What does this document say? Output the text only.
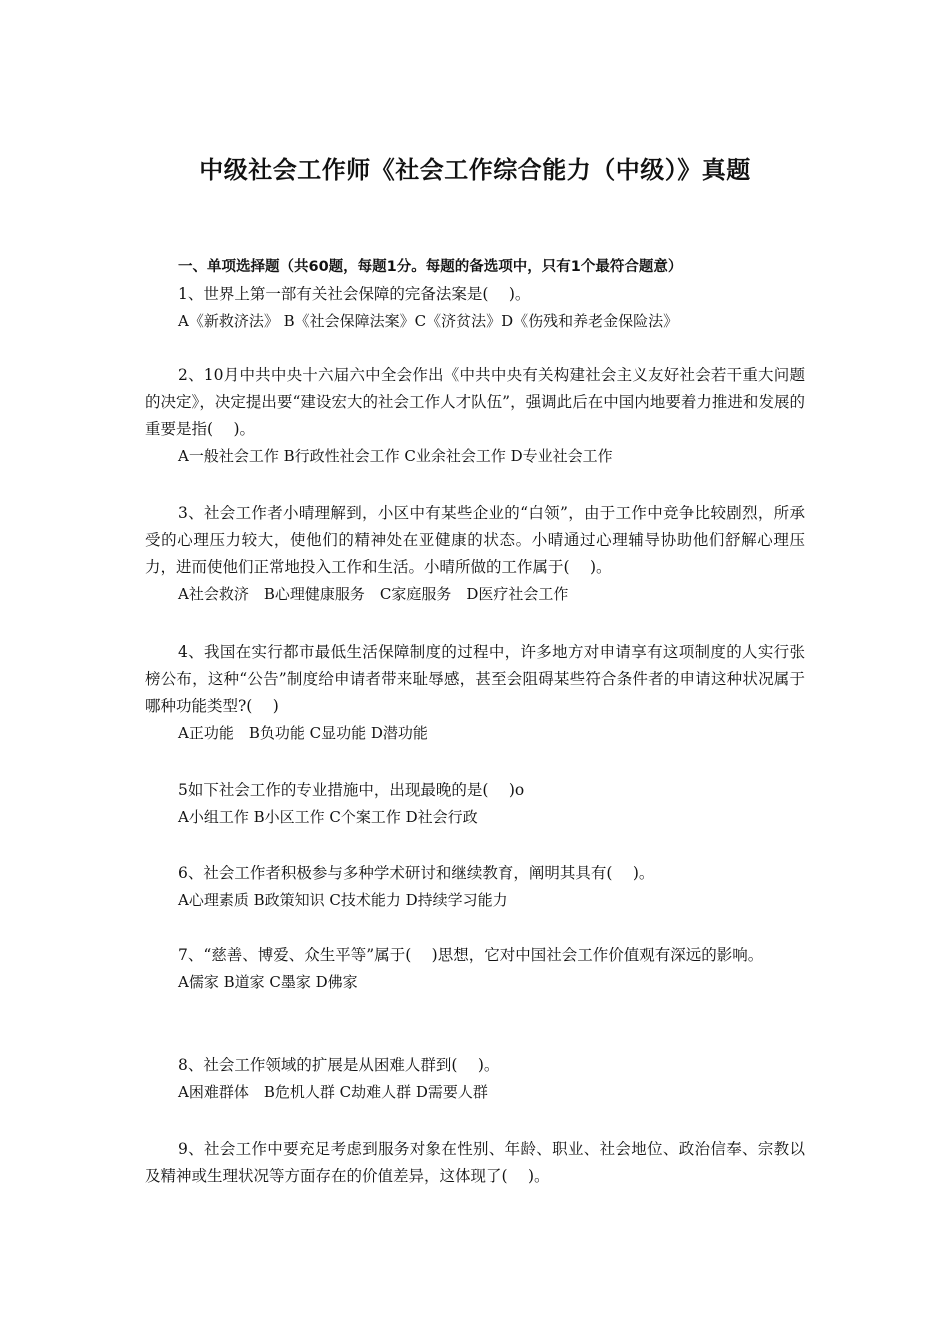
中级社会工作师《社会工作综合能力（中级）》真题

一、单项选择题（共60题，每题1分。每题的备选项中，只有1个最符合题意）

1、世界上第一部有关社会保障的完备法案是(　 )。

A《新救济法》 B《社会保障法案》C《济贫法》D《伤残和养老金保险法》

2、10月中共中央十六届六中全会作出《中共中央有关构建社会主义友好社会若干重大问题的决定》，决定提出要“建设宏大的社会工作人才队伍”，强调此后在中国内地要着力推进和发展的重要是指(　 )。

A一般社会工作 B行政性社会工作 C业余社会工作 D专业社会工作

3、社会工作者小晴理解到，小区中有某些企业的“白领”，由于工作中竞争比较剧烈，所承受的心理压力较大，使他们的精神处在亚健康的状态。小晴通过心理辅导协助他们舒解心理压力，进而使他们正常地投入工作和生活。小晴所做的工作属于(　 )。

A社会救济　B心理健康服务　C家庭服务　D医疗社会工作

4、我国在实行都市最低生活保障制度的过程中，许多地方对申请享有这项制度的人实行张榜公布，这种“公告”制度给申请者带来耻辱感，甚至会阻碍某些符合条件者的申请这种状况属于哪种功能类型?(　 )

A正功能　B负功能 C显功能 D潜功能

5如下社会工作的专业措施中，出现最晚的是(　 )o

A小组工作 B小区工作 C个案工作 D社会行政

6、社会工作者积极参与多种学术研讨和继续教育，阐明其具有(　 )。

A心理素质 B政策知识 C技术能力 D持续学习能力

7、“慈善、博爱、众生平等”属于(　 )思想，它对中国社会工作价值观有深远的影响。

A儒家 B道家 C墨家 D佛家

8、社会工作领域的扩展是从困难人群到(　 )。

A困难群体　B危机人群 C劫难人群 D需要人群

9、社会工作中要充足考虑到服务对象在性别、年龄、职业、社会地位、政治信奉、宗教以及精神或生理状况等方面存在的价值差异，这体现了(　 )。
